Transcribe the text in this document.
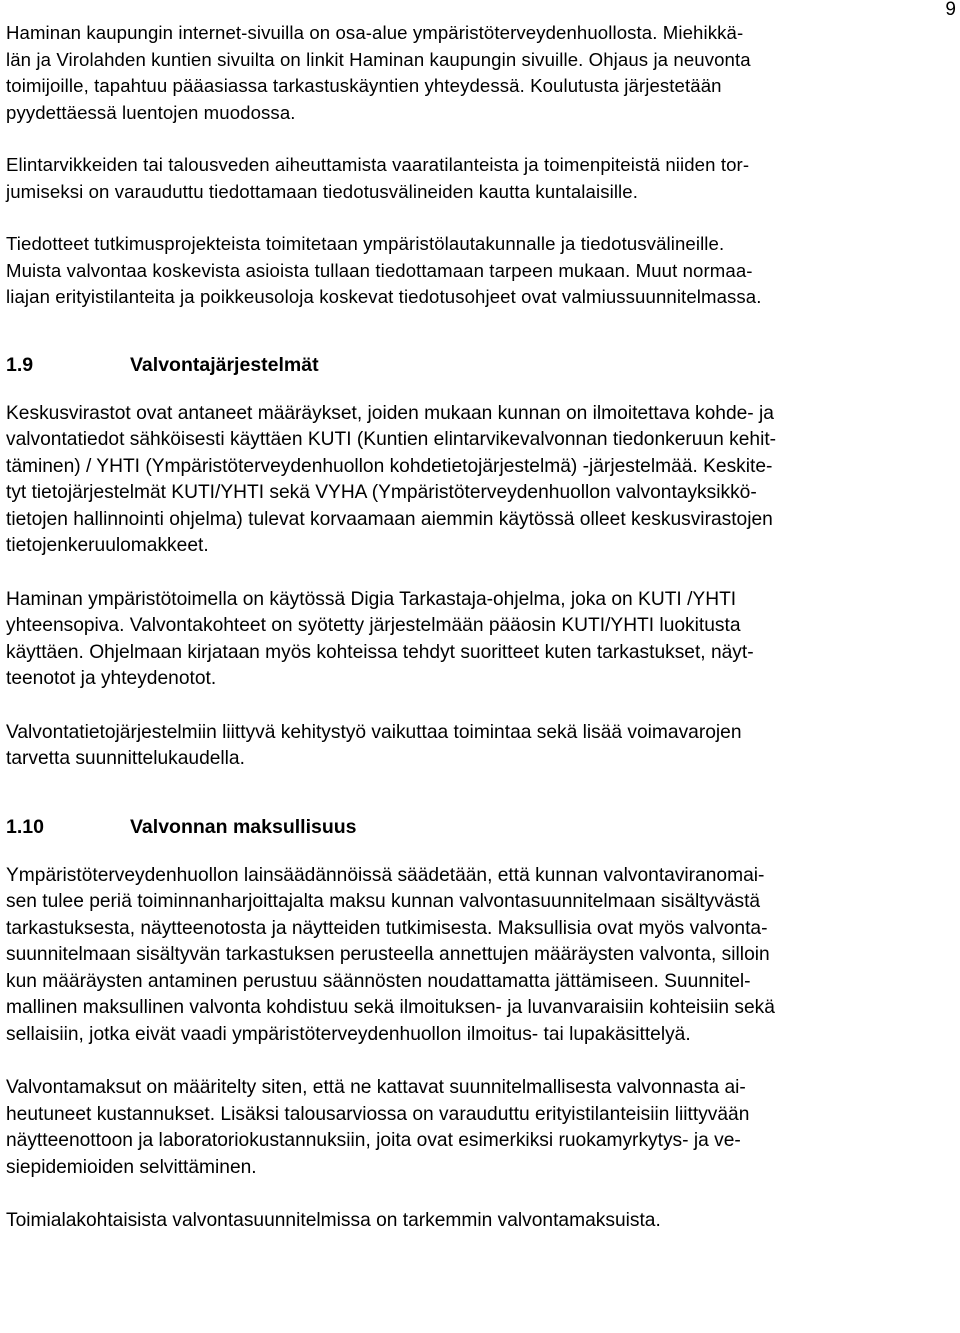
9
Haminan kaupungin internet-sivuilla on osa-alue ympäristöterveydenhuollosta. Miehikkä-
län ja Virolahden kuntien sivuilta on linkit Haminan kaupungin sivuille. Ohjaus ja neuvonta
toimijoille, tapahtuu pääasiassa tarkastuskäyntien yhteydessä. Koulutusta järjestetään
pyydettäessä luentojen muodossa.
Elintarvikkeiden tai talousveden aiheuttamista vaaratilanteista ja toimenpiteistä niiden tor-
jumiseksi on varauduttu tiedottamaan tiedotusvälineiden kautta kuntalaisille.
Tiedotteet tutkimusprojekteista toimitetaan ympäristölautakunnalle ja tiedotusvälineille.
Muista valvontaa koskevista asioista tullaan tiedottamaan tarpeen mukaan. Muut normaa-
liajan erityistilanteita ja poikkeusoloja koskevat tiedotusohjeet ovat valmiussuunnitelmassa.
1.9	Valvontajärjestelmät
Keskusvirastot ovat antaneet määräykset, joiden mukaan kunnan on ilmoitettava kohde- ja
valvontatiedot sähköisesti käyttäen KUTI (Kuntien elintarvikevalvonnan tiedonkeruun kehit-
täminen) / YHTI (Ympäristöterveydenhuollon kohdetietojärjestelmä) -järjestelmää. Keskite-
tyt tietojärjestelmät KUTI/YHTI sekä VYHA (Ympäristöterveydenhuollon valvontayksikkö-
tietojen hallinnointi ohjelma) tulevat korvaamaan aiemmin käytössä olleet keskusvirastojen
tietojenkeruulomakkeet.
Haminan ympäristötoimella on käytössä Digia Tarkastaja-ohjelma, joka on KUTI /YHTI
yhteensopiva. Valvontakohteet on syötetty järjestelmään pääosin KUTI/YHTI luokitusta
käyttäen. Ohjelmaan kirjataan myös kohteissa tehdyt suoritteet kuten tarkastukset, näyt-
teenotot ja yhteydenotot.
Valvontatietojärjestelmiin liittyvä kehitystyö vaikuttaa toimintaa sekä lisää voimavarojen
tarvetta suunnittelukaudella.
1.10	Valvonnan maksullisuus
Ympäristöterveydenhuollon lainsäädännöissä säädetään, että kunnan valvontaviranomai-
sen tulee periä toiminnanharjoittajalta maksu kunnan valvontasuunnitelmaan sisältyvästä
tarkastuksesta, näytteenotosta ja näytteiden tutkimisesta. Maksullisia ovat myös valvonta-
suunnitelmaan sisältyvän tarkastuksen perusteella annettujen määräysten valvonta, silloin
kun määräysten antaminen perustuu säännösten noudattamatta jättämiseen. Suunnitel-
mallinen maksullinen valvonta kohdistuu sekä ilmoituksen- ja luvanvaraisiin kohteisiin sekä
sellaisiin, jotka eivät vaadi ympäristöterveydenhuollon ilmoitus- tai lupakäsittelyä.
Valvontamaksut on määritelty siten, että ne kattavat suunnitelmallisesta valvonnasta ai-
heutuneet kustannukset. Lisäksi talousarviossa on varauduttu erityistilanteisiin liittyvään
näytteenottoon ja laboratoriokustannuksiin, joita ovat esimerkiksi ruokamyrkytys- ja ve-
siepidemioiden selvittäminen.
Toimialakohtaisista valvontasuunnitelmissa on tarkemmin valvontamaksuista.
